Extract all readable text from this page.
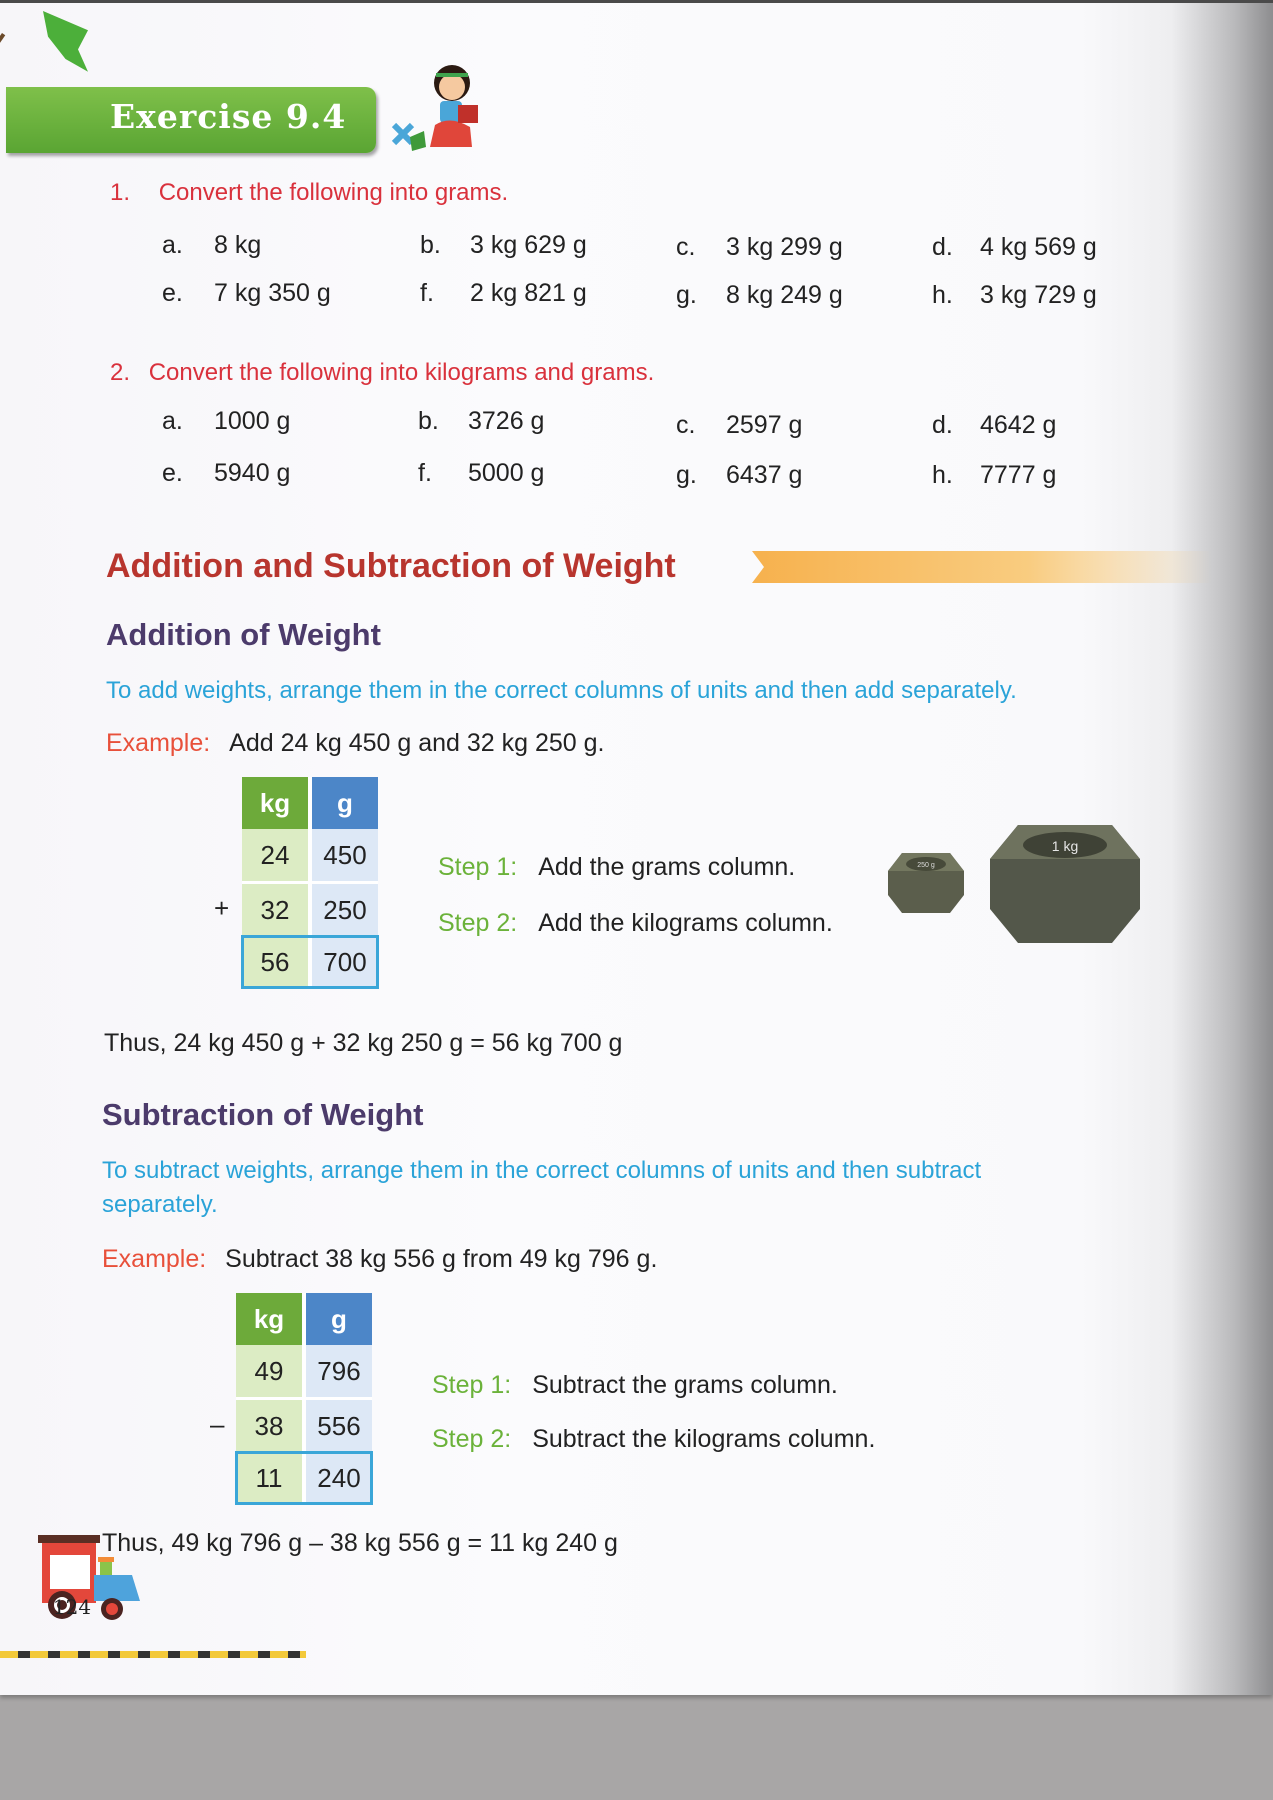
Exercise 9.4
1. Convert the following into grams.
a. 8 kg	b. 3 kg 629 g	c. 3 kg 299 g	d. 4 kg 569 g
e. 7 kg 350 g	f. 2 kg 821 g	g. 8 kg 249 g	h. 3 kg 729 g
2. Convert the following into kilograms and grams.
a. 1000 g	b. 3726 g	c. 2597 g	d. 4642 g
e. 5940 g	f. 5000 g	g. 6437 g	h. 7777 g
Addition and Subtraction of Weight
Addition of Weight
To add weights, arrange them in the correct columns of units and then add separately.
Example: Add 24 kg 450 g and 32 kg 250 g.
kg	g
24	450
32	250
56	700
+
Step 1: Add the grams column.
Step 2: Add the kilograms column.
250 g
1 kg
Thus, 24 kg 450 g + 32 kg 250 g = 56 kg 700 g
Subtraction of Weight
To subtract weights, arrange them in the correct columns of units and then subtract
separately.
Example: Subtract 38 kg 556 g from 49 kg 796 g.
kg	g
49	796
38	556
11	240
–
Step 1: Subtract the grams column.
Step 2: Subtract the kilograms column.
Thus, 49 kg 796 g – 38 kg 556 g = 11 kg 240 g
124
